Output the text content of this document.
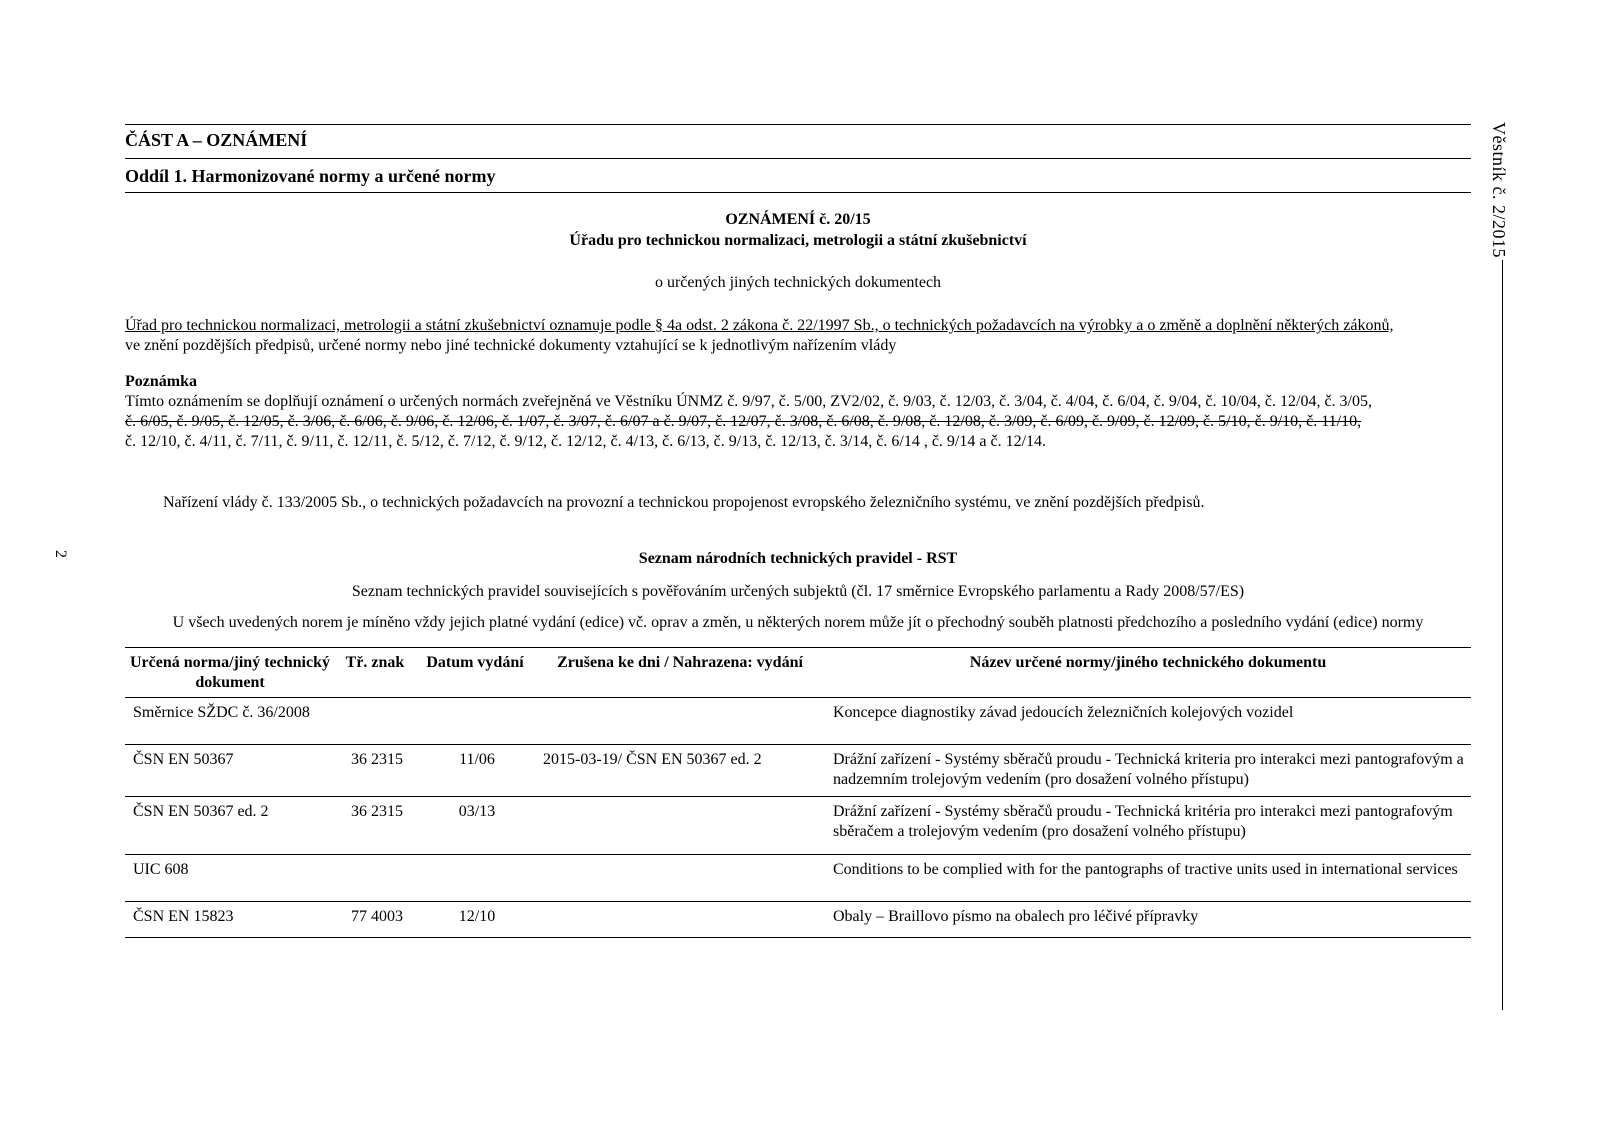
ČÁST A – OZNÁMENÍ
Oddíl 1. Harmonizované normy a určené normy
OZNÁMENÍ č. 20/15
Úřadu pro technickou normalizaci, metrologii a státní zkušebnictví
o určených jiných technických dokumentech
Úřad pro technickou normalizaci, metrologii a státní zkušebnictví oznamuje podle § 4a odst. 2 zákona č. 22/1997 Sb., o technických požadavcích na výrobky a o změně a doplnění některých zákonů,
ve znění pozdějších předpisů, určené normy nebo jiné technické dokumenty vztahující se k jednotlivým nařízením vlády
Poznámka
Tímto oznámením se doplňují oznámení o určených normách zveřejněná ve Věstníku ÚNMZ č. 9/97, č. 5/00, ZV2/02, č. 9/03, č. 12/03, č. 3/04, č. 4/04, č. 6/04, č. 9/04, č. 10/04, č. 12/04, č. 3/05,
č. 6/05, č. 9/05, č. 12/05, č. 3/06, č. 6/06, č. 9/06, č. 12/06, č. 1/07, č. 3/07, č. 6/07 a č. 9/07, č. 12/07, č. 3/08, č. 6/08, č. 9/08, č. 12/08, č. 3/09, č. 6/09, č. 9/09, č. 12/09, č. 5/10, č. 9/10, č. 11/10,
č. 12/10, č. 4/11, č. 7/11, č. 9/11, č. 12/11, č. 5/12, č. 7/12, č. 9/12, č. 12/12, č. 4/13, č. 6/13, č. 9/13, č. 12/13, č. 3/14, č. 6/14 , č. 9/14 a č. 12/14.
Nařízení vlády č. 133/2005 Sb., o technických požadavcích na provozní a technickou propojenost evropského železničního systému, ve znění pozdějších předpisů.
Seznam národních technických pravidel - RST
Seznam technických pravidel souvisejících s pověřováním určených subjektů (čl. 17 směrnice Evropského parlamentu a Rady 2008/57/ES)
U všech uvedených norem je míněno vždy jejich platné vydání (edice) vč. oprav a změn, u některých norem může jít o přechodný souběh platnosti předchozího a posledního vydání (edice) normy
Určená norma/jiný technický dokument	Tř. znak	Datum vydání	Zrušena ke dni / Nahrazena: vydání	Název určené normy/jiného technického dokumentu
Směrnice SŽDC č. 36/2008				Koncepce diagnostiky závad jedoucích železničních kolejových vozidel
ČSN EN 50367	36 2315	11/06	2015-03-19/ ČSN EN 50367 ed. 2	Drážní zařízení - Systémy sběračů proudu - Technická kriteria pro interakci mezi pantografovým a nadzemním trolejovým vedením (pro dosažení volného přístupu)
ČSN EN 50367 ed. 2	36 2315	03/13		Drážní zařízení - Systémy sběračů proudu - Technická kritéria pro interakci mezi pantografovým sběračem a trolejovým vedením (pro dosažení volného přístupu)
UIC 608				Conditions to be complied with for the pantographs of tractive units used in international services
ČSN EN 15823	77 4003	12/10		Obaly – Braillovo písmo na obalech pro léčivé přípravky
Věstník č. 2/2015
2
